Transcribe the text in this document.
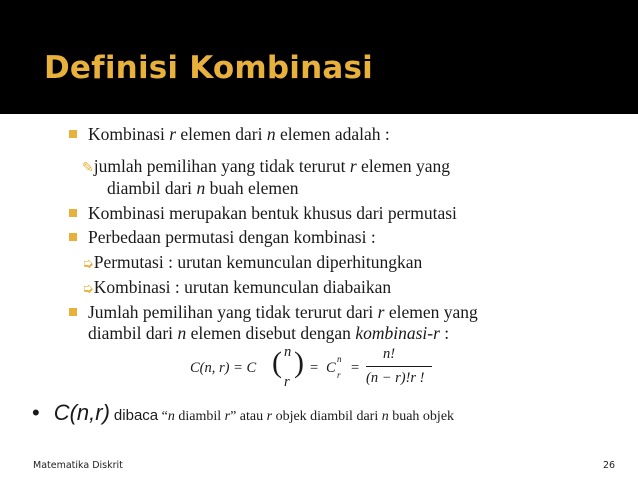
Definisi Kombinasi
Kombinasi r elemen dari n elemen adalah :
✎jumlah pemilihan yang tidak terurut r elemen yang
diambil dari n buah elemen
Kombinasi merupakan bentuk khusus dari permutasi
Perbedaan permutasi dengan kombinasi :
➭Permutasi : urutan kemunculan diperhitungkan
➭Kombinasi : urutan kemunculan diabaikan
Jumlah pemilihan yang tidak terurut dari r elemen yang
diambil dari n elemen disebut dengan kombinasi-r :
C(n, r) = C ( n
r
) = C
n
r =
n!
(n − r)!r !
• C(n,r) dibaca “n diambil r” atau r objek diambil dari n buah objek
Matematika Diskrit	26
